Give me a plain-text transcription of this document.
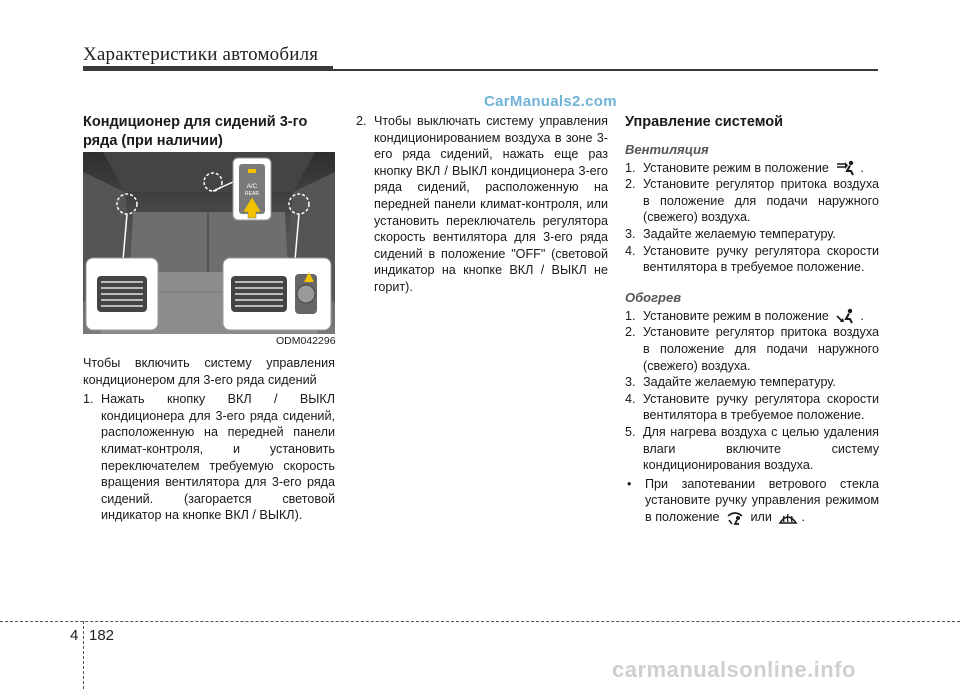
Характеристики автомобиля
CarManuals2.com
Кондиционер для сидений 3-го ряда (при наличии)
A/C
REAR
ODM042296
Чтобы включить систему управления кондиционером для 3-его ряда сидений
1. Нажать кнопку ВКЛ / ВЫКЛ кондиционера для 3-его ряда сидений, расположенную на передней панели климат-контроля, и установить переключателем требуемую скорость вращения вентилятора для 3-его ряда сидений. (загорается световой индикатор на кнопке ВКЛ / ВЫКЛ).
2. Чтобы выключать систему управления кондиционированием воздуха в зоне 3-его ряда сидений, нажать еще раз кнопку ВКЛ / ВЫКЛ кондиционера 3-его ряда сидений, расположенную на передней панели климат-контроля, или установить переключатель регулятора скорость вентилятора для 3-его ряда сидений в положение "OFF" (световой индикатор на кнопке ВКЛ / ВЫКЛ не горит).
Управление системой
Вентиляция
1. Установите режим в положение	.
2. Установите регулятор притока воздуха в положение для подачи наружного (свежего) воздуха.
3. Задайте желаемую температуру.
4. Установите ручку регулятора скорости вентилятора в требуемое положение.
Обогрев
1. Установите режим в положение	.
2. Установите регулятор притока воздуха в положение для подачи наружного (свежего) воздуха.
3. Задайте желаемую температуру.
4. Установите ручку регулятора скорости вентилятора в требуемое положение.
5. Для нагрева воздуха с целью удаления влаги включите систему кондиционирования воздуха.
•	При запотевании ветрового стекла установите ручку управления режимом в положение или .
4 182
carmanualsonline.info
